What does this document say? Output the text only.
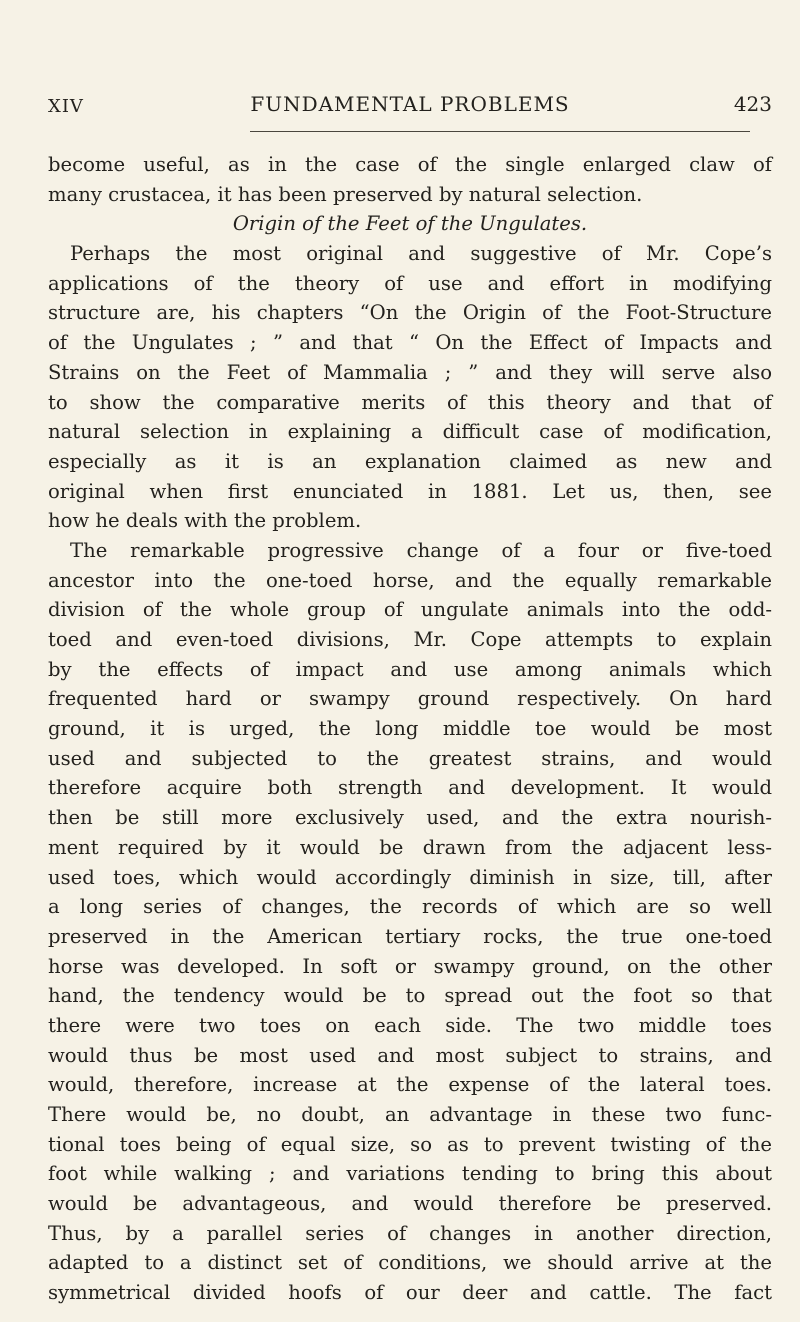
XIV	FUNDAMENTAL PROBLEMS	423
become useful, as in the case of the single enlarged claw of
many crustacea, it has been preserved by natural selection.
Origin of the Feet of the Ungulates.
Perhaps the most original and suggestive of Mr. Cope’s
applications of the theory of use and effort in modifying
structure are, his chapters “On the Origin of the Foot-Structure
of the Ungulates ; ” and that “ On the Effect of Impacts and
Strains on the Feet of Mammalia ; ” and they will serve also
to show the comparative merits of this theory and that of
natural selection in explaining a difficult case of modification,
especially as it is an explanation claimed as new and
original when first enunciated in 1881. Let us, then, see
how he deals with the problem.
The remarkable progressive change of a four or five-toed
ancestor into the one-toed horse, and the equally remarkable
division of the whole group of ungulate animals into the odd-
toed and even-toed divisions, Mr. Cope attempts to explain
by the effects of impact and use among animals which
frequented hard or swampy ground respectively. On hard
ground, it is urged, the long middle toe would be most
used and subjected to the greatest strains, and would
therefore acquire both strength and development. It would
then be still more exclusively used, and the extra nourish-
ment required by it would be drawn from the adjacent less-
used toes, which would accordingly diminish in size, till, after
a long series of changes, the records of which are so well
preserved in the American tertiary rocks, the true one-toed
horse was developed. In soft or swampy ground, on the other
hand, the tendency would be to spread out the foot so that
there were two toes on each side. The two middle toes
would thus be most used and most subject to strains, and
would, therefore, increase at the expense of the lateral toes.
There would be, no doubt, an advantage in these two func-
tional toes being of equal size, so as to prevent twisting of the
foot while walking ; and variations tending to bring this about
would be advantageous, and would therefore be preserved.
Thus, by a parallel series of changes in another direction,
adapted to a distinct set of conditions, we should arrive at the
symmetrical divided hoofs of our deer and cattle. The fact
